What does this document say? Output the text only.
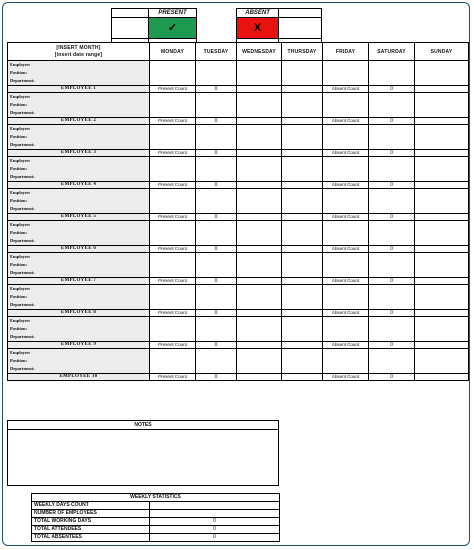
	PRESENT
	✓

ABSENT	
X	

[INSERT MONTH]
[insert date range]	MONDAY	TUESDAY	WEDNESDAY	THURSDAY	FRIDAY	SATURDAY	SUNDAY

Employee:
Position:
Department:							

EMPLOYEE 1	Present Count	0			Absent Count	0	

Employee:
Position:
Department:							

EMPLOYEE 2	Present Count	0			Absent Count	0	

Employee:
Position:
Department:							

EMPLOYEE 3	Present Count	0			Absent Count	0	

Employee:
Position:
Department:							

EMPLOYEE 4	Present Count	0			Absent Count	0	

Employee:
Position:
Department:							

EMPLOYEE 5	Present Count	0			Absent Count	0	

Employee:
Position:
Department:							

EMPLOYEE 6	Present Count	0			Absent Count	0	

Employee:
Position:
Department:							

EMPLOYEE 7	Present Count	0			Absent Count	0	

Employee:
Position:
Department:							

EMPLOYEE 8	Present Count	0			Absent Count	0	

Employee:
Position:
Department:							

EMPLOYEE 9	Present Count	0			Absent Count	0	

Employee:
Position:
Department:							

EMPLOYEE 10	Present Count	0			Absent Count	0	
NOTES
WEEKLY STATISTICS	
WEEKLY DAYS COUNT	
NUMBER OF EMPLOYEES	
TOTAL WORKING DAYS	0
TOTAL ATTENDEES	0
TOTAL ABSENTEES	0
